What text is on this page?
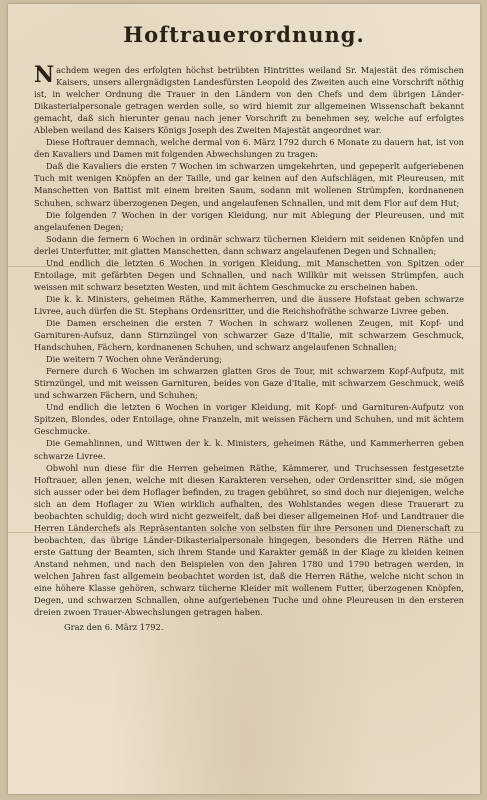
Hoftrauerordnung.

Nachdem wegen des erfolgten höchst betrübten Hintrittes weiland Sr. Majestät des römischen Kaisers, unsers allergnädigsten Landesfürsten Leopold des Zweiten auch eine Vorschrift nöthig ist, in welcher Ordnung die Trauer in den Ländern von den Chefs und dem übrigen Länder-Dikasterialpersonale getragen werden solle, so wird hiemit zur allgemeinen Wissenschaft bekannt gemacht, daß sich hierunter genau nach jener Vorschrift zu benehmen sey, welche auf erfolgtes Ableben weiland des Kaisers Königs Joseph des Zweiten Majestät angeordnet war.

Diese Hoftrauer demnach, welche dermal von 6. März 1792 durch 6 Monate zu dauern hat, ist von den Kavaliers und Damen mit folgenden Abwechslungen zu tragen:

Daß die Kavaliers die ersten 7 Wochen im schwarzen umgekehrten, und gepeperlt aufgeriebenen Tuch mit wenigen Knöpfen an der Taille, und gar keinen auf den Aufschlägen, mit Pleureusen, mit Manschetten von Battist mit einem breiten Saum, sodann mit wollenen Strümpfen, kordnanenen Schuhen, schwarz überzogenen Degen, und angelaufenen Schnallen, und mit dem Flor auf dem Hut;

Die folgenden 7 Wochen in der vorigen Kleidung, nur mit Ablegung der Pleureusen, und mit angelaufenen Degen;

Sodann die fernern 6 Wochen in ordinär schwarz tüchernen Kleidern mit seidenen Knöpfen und derlei Unterfutter, mit glatten Manschetten, dann schwarz angelaufenen Degen und Schnallen;

Und endlich die letzten 6 Wochen in vorigen Kleidung, mit Manschetten von Spitzen oder Entoilage, mit gefärbten Degen und Schnallen, und nach Willkür mit weissen Strümpfen, auch weissen mit schwarz besetzten Westen, und mit ächtem Geschmucke zu erscheinen haben.

Die k. k. Ministers, geheimen Räthe, Kammerherren, und die äussere Hofstaat geben schwarze Livree, auch dürfen die St. Stephans Ordensritter, und die Reichshofräthe schwarze Livree geben.

Die Damen erscheinen die ersten 7 Wochen in schwarz wollenen Zeugen, mit Kopf- und Garnituren-Aufsuz, dann Stirnzüngel von schwarzer Gaze d'Italie, mit schwarzem Geschmuck, Handschuhen, Fächern, kordnanenen Schuhen, und schwarz angelaufenen Schnallen;

Die weitern 7 Wochen ohne Veränderung;

Fernere durch 6 Wochen im schwarzen glatten Gros de Tour, mit schwarzem Kopf-Aufputz, mit Stirnzüngel, und mit weissen Garnituren, beides von Gaze d'Italie, mit schwarzem Geschmuck, weiß und schwarzen Fächern, und Schuhen;

Und endlich die letzten 6 Wochen in voriger Kleidung, mit Kopf- und Garnituren-Aufputz von Spitzen, Blondes, oder Entoilage, ohne Franzeln, mit weissen Fächern und Schuhen, und mit ächtem Geschmucke.

Die Gemahlinnen, und Wittwen der k. k. Ministers, geheimen Räthe, und Kammerherren geben schwarze Livree.

Obwohl nun diese für die Herren geheimen Räthe, Kämmerer, und Truchsessen festgesetzte Hoftrauer, allen jenen, welche mit diesen Karakteren versehen, oder Ordensritter sind, sie mögen sich ausser oder bei dem Hoflager befinden, zu tragen gebühret, so sind doch nur diejenigen, welche sich an dem Hoflager zu Wien wirklich aufhalten, des Wohlstandes wegen diese Trauerart zu beobachten schuldig; doch wird nicht gezweifelt, daß bei dieser allgemeinen Hof- und Landtrauer die Herren Länderchefs als Repräsentanten solche von selbsten für ihre Personen und Dienerschaft zu beobachten, das übrige Länder-Dikasterialpersonale hingegen, besonders die Herren Räthe und erste Gattung der Beamten, sich ihrem Stande und Karakter gemäß in der Klage zu kleiden keinen Anstand nehmen, und nach den Beispielen von den Jahren 1780 und 1790 betragen werden, in welchen Jahren fast allgemein beobachtet worden ist, daß die Herren Räthe, welche nicht schon in eine höhere Klasse gehören, schwarz tücherne Kleider mit wollenem Futter, überzogenen Knöpfen, Degen, und schwarzen Schnallen, ohne aufgeriebenen Tuche und ohne Pleureusen in den ersteren dreien zwoen Trauer-Abwechslungen getragen haben.

Graz den 6. März 1792.
